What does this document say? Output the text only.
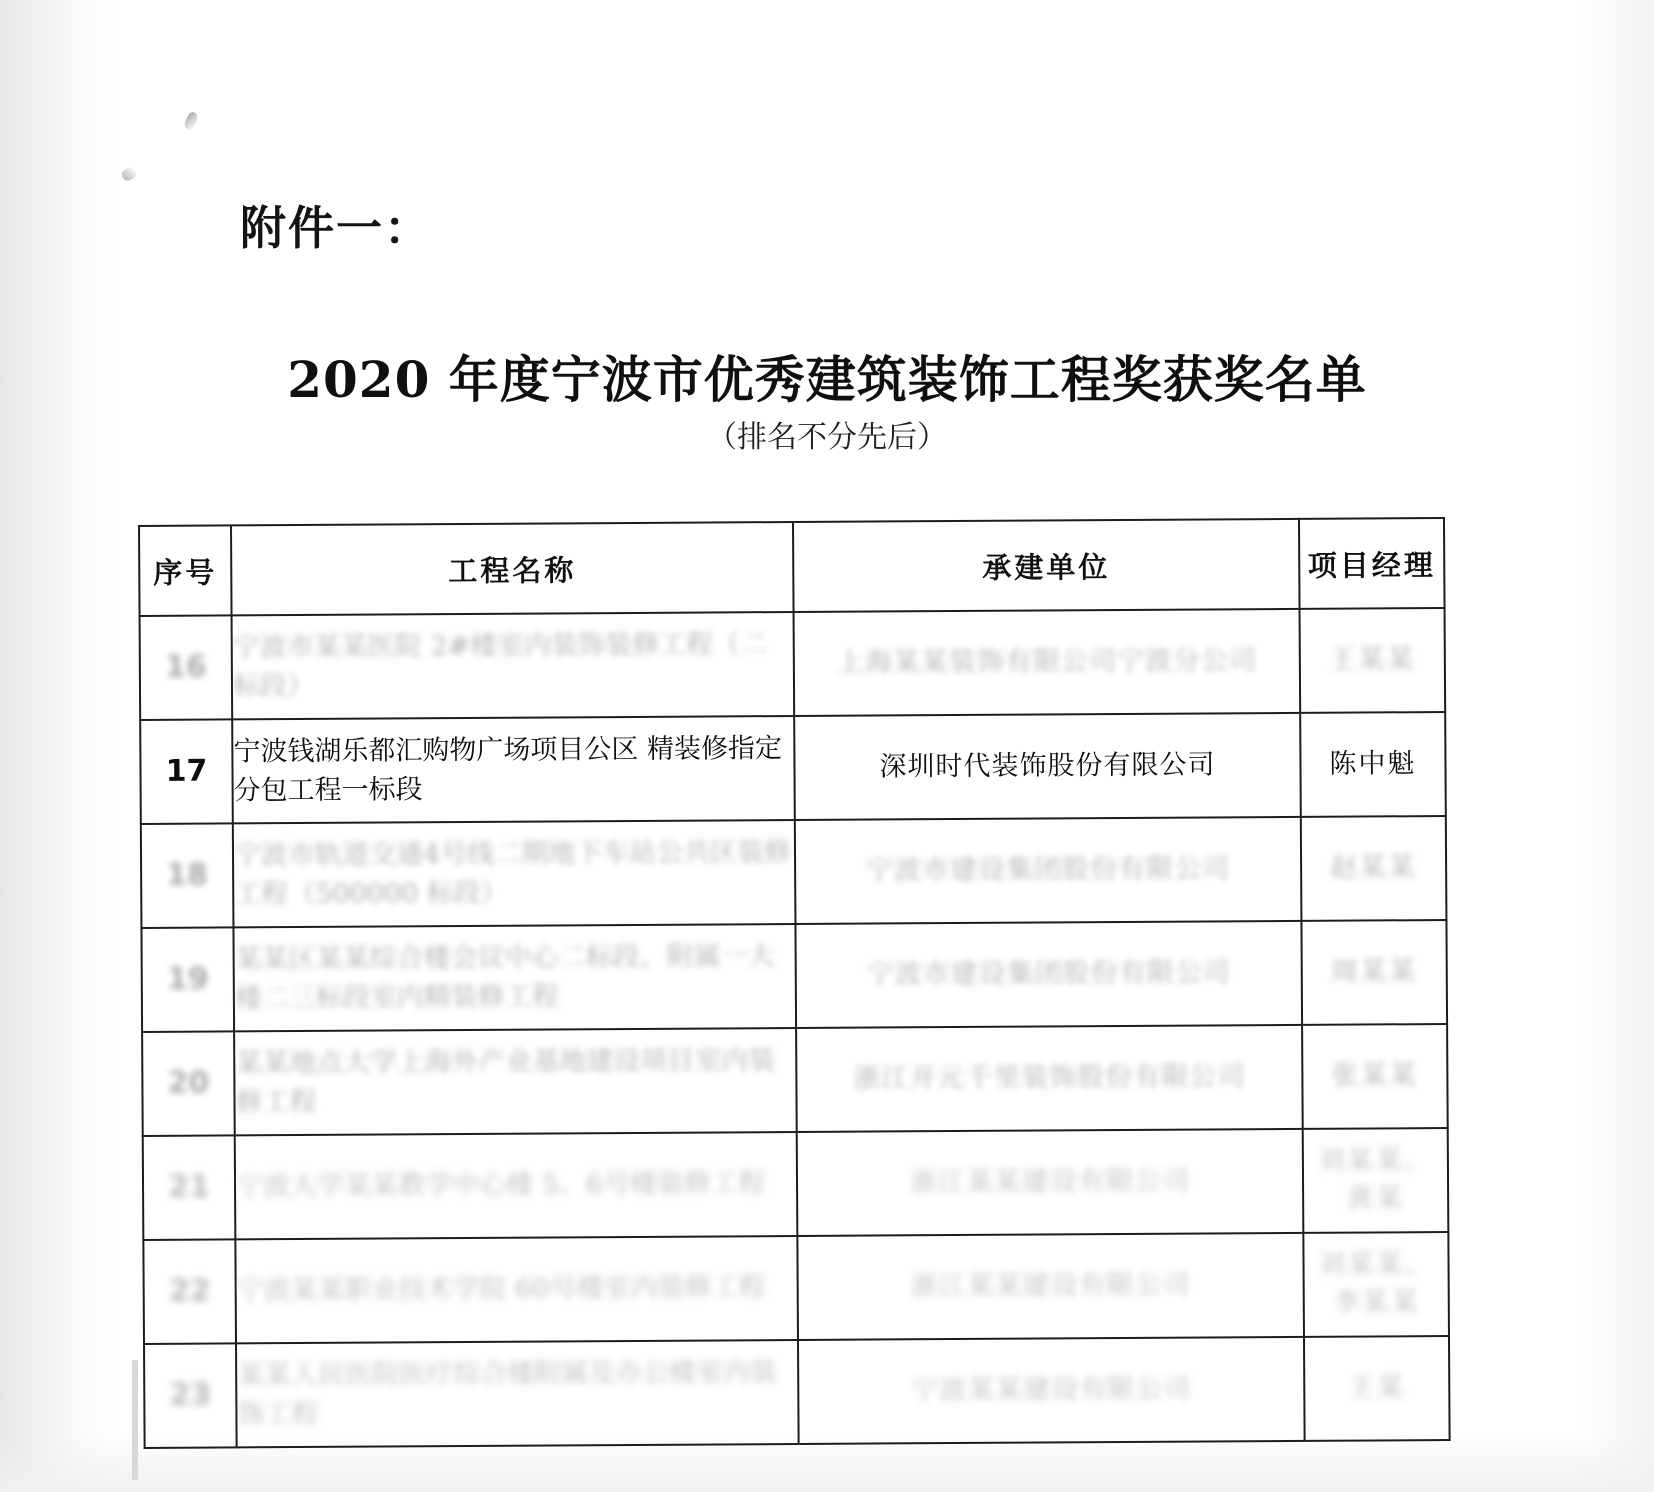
附件一：
2020 年度宁波市优秀建筑装饰工程奖获奖名单
（排名不分先后）
序号	工程名称	承建单位	项目经理
16	宁波市某某医院 2#楼室内装饰装修工程（二标段）	上海某某装饰有限公司宁波分公司	王某某
17	宁波钱湖乐都汇购物广场项目公区 精装修指定分包工程一标段	深圳时代装饰股份有限公司	陈中魁
18	宁波市轨道交通4号线二期地下车站公共区装修工程（500000 标段）	宁波市建设集团股份有限公司	赵某某
19	某某区某某综合楼会议中心二标段、附属一大楼二三标段室内精装修工程	宁波市建设集团股份有限公司	周某某
20	某某地点大学上海外产业基地建设项目室内装修工程	浙江开元千里装饰股份有限公司	张某某
21	宁波大学某某教学中心楼 5、6号楼装修工程	浙江某某建设有限公司	刘某某、黄某
22	宁波某某职业技术学院 60号楼室内装修工程	浙江某某建设有限公司	刘某某、李某某
23	某某人民医院医疗综合楼附属及办公楼室内装饰工程	宁波某某建设有限公司	王某
